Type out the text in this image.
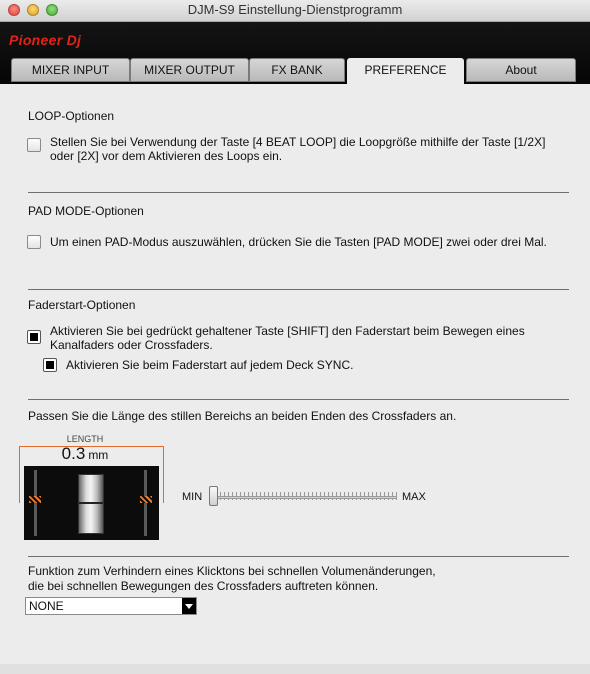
DJM-S9 Einstellung-Dienstprogramm
Pioneer Dj
MIXER INPUT	MIXER OUTPUT	FX BANK	PREFERENCE	About
LOOP-Optionen
Stellen Sie bei Verwendung der Taste [4 BEAT LOOP] die Loopgröße mithilfe der Taste [1/2X] oder [2X] vor dem Aktivieren des Loops ein.
PAD MODE-Optionen
Um einen PAD-Modus auszuwählen, drücken Sie die Tasten [PAD MODE] zwei oder drei Mal.
Faderstart-Optionen
Aktivieren Sie bei gedrückt gehaltener Taste [SHIFT] den Faderstart beim Bewegen eines Kanalfaders oder Crossfaders.
Aktivieren Sie beim Faderstart auf jedem Deck SYNC.
Passen Sie die Länge des stillen Bereichs an beiden Enden des Crossfaders an.
LENGTH
0.3 mm
MIN	MAX
Funktion zum Verhindern eines Klicktons bei schnellen Volumenänderungen,
die bei schnellen Bewegungen des Crossfaders auftreten können.
NONE
